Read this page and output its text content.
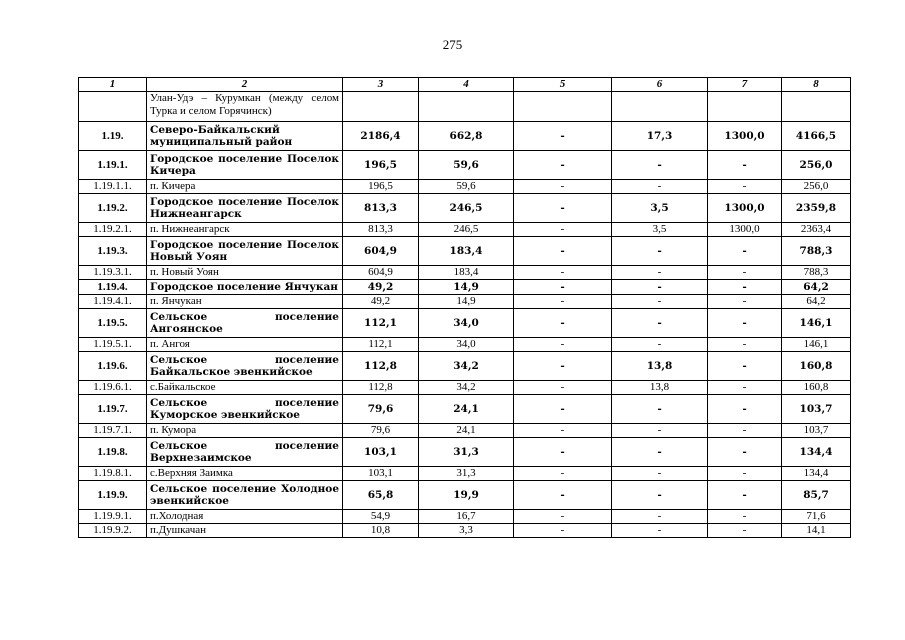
275
1	2	3	4	5	6	7	8
	Улан-Удэ – Курумкан (между селом Турка и селом Горячинск)						
1.19.	Северо-Байкальский муниципальный район	2186,4	662,8	-	17,3	1300,0	4166,5
1.19.1.	Городское поселение Поселок Кичера	196,5	59,6	-	-	-	256,0
1.19.1.1.	п. Кичера	196,5	59,6	-	-	-	256,0
1.19.2.	Городское поселение Поселок Нижнеангарск	813,3	246,5	-	3,5	1300,0	2359,8
1.19.2.1.	п. Нижнеангарск	813,3	246,5	-	3,5	1300,0	2363,4
1.19.3.	Городское поселение Поселок Новый Уоян	604,9	183,4	-	-	-	788,3
1.19.3.1.	п. Новый Уоян	604,9	183,4	-	-	-	788,3
1.19.4.	Городское поселение Янчукан	49,2	14,9	-	-	-	64,2
1.19.4.1.	п. Янчукан	49,2	14,9	-	-	-	64,2
1.19.5.	Сельское поселение Ангоянское	112,1	34,0	-	-	-	146,1
1.19.5.1.	п. Ангоя	112,1	34,0	-	-	-	146,1
1.19.6.	Сельское поселение Байкальское эвенкийское	112,8	34,2	-	13,8	-	160,8
1.19.6.1.	с.Байкальское	112,8	34,2	-	13,8	-	160,8
1.19.7.	Сельское поселение Куморское эвенкийское	79,6	24,1	-	-	-	103,7
1.19.7.1.	п. Кумора	79,6	24,1	-	-	-	103,7
1.19.8.	Сельское поселение Верхнезаимское	103,1	31,3	-	-	-	134,4
1.19.8.1.	с.Верхняя Заимка	103,1	31,3	-	-	-	134,4
1.19.9.	Сельское поселение Холодное эвенкийское	65,8	19,9	-	-	-	85,7
1.19.9.1.	п.Холодная	54,9	16,7	-	-	-	71,6
1.19.9.2.	п.Душкачан	10,8	3,3	-	-	-	14,1
